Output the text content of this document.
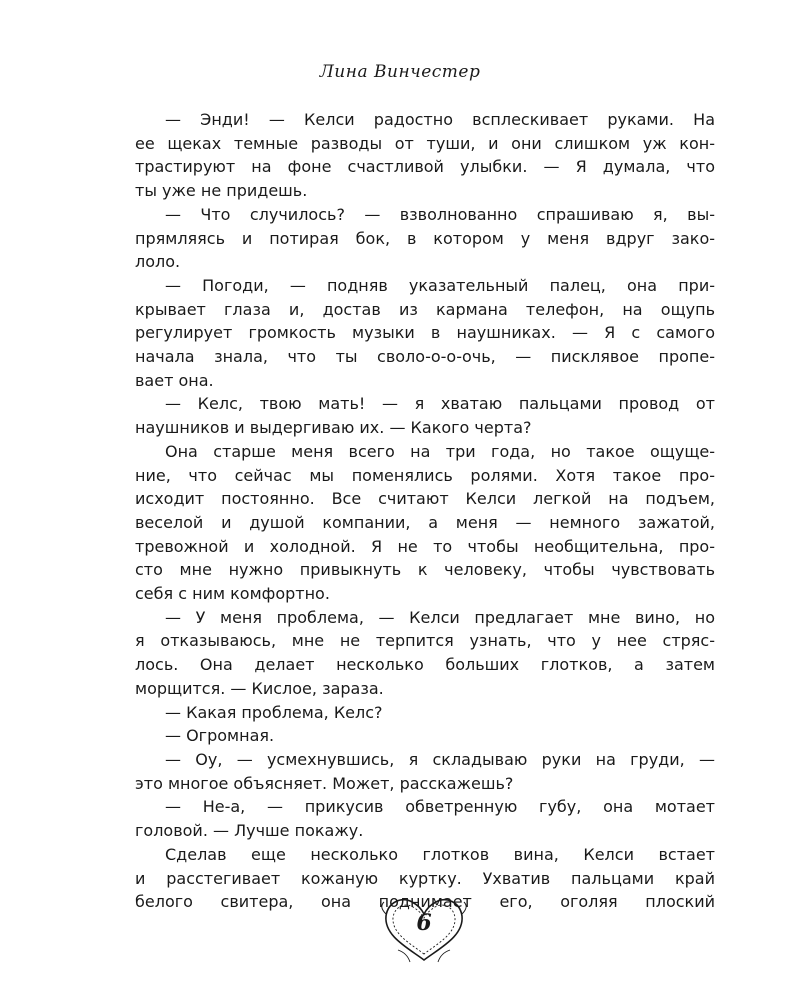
Лина Винчестер
— Энди! — Келси радостно всплескивает руками. На
ее щеках темные разводы от туши, и они слишком уж кон-
трастируют на фоне счастливой улыбки. — Я думала, что
ты уже не придешь.
— Что случилось? — взволнованно спрашиваю я, вы-
прямляясь и потирая бок, в котором у меня вдруг зако-
лоло.
— Погоди, — подняв указательный палец, она при-
крывает глаза и, достав из кармана телефон, на ощупь
регулирует громкость музыки в наушниках. — Я с самого
начала знала, что ты своло-о-о-очь, — писклявое пропе-
вает она.
— Келс, твою мать! — я хватаю пальцами провод от
наушников и выдергиваю их. — Какого черта?
Она старше меня всего на три года, но такое ощуще-
ние, что сейчас мы поменялись ролями. Хотя такое про-
исходит постоянно. Все считают Келси легкой на подъем,
веселой и душой компании, а меня — немного зажатой,
тревожной и холодной. Я не то чтобы необщительна, про-
сто мне нужно привыкнуть к человеку, чтобы чувствовать
себя с ним комфортно.
— У меня проблема, — Келси предлагает мне вино, но
я отказываюсь, мне не терпится узнать, что у нее стряс-
лось. Она делает несколько больших глотков, а затем
морщится. — Кислое, зараза.
— Какая проблема, Келс?
— Огромная.
— Оу, — усмехнувшись, я складываю руки на груди, —
это многое объясняет. Может, расскажешь?
— Не-а, — прикусив обветренную губу, она мотает
головой. — Лучше покажу.
Сделав еще несколько глотков вина, Келси встает
и расстегивает кожаную куртку. Ухватив пальцами край
белого свитера, она поднимает его, оголяя плоский
6
